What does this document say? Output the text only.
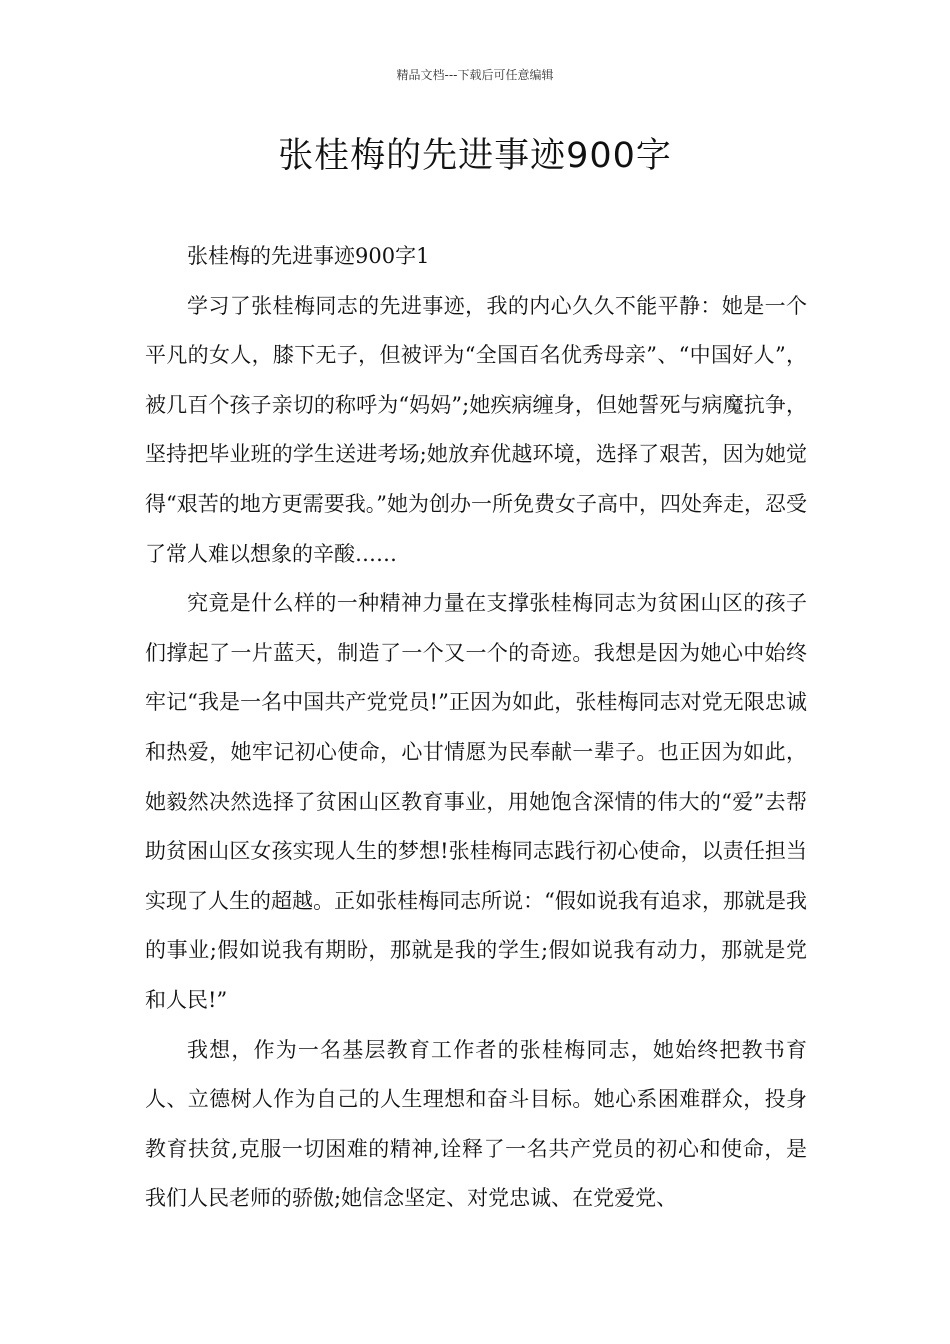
精品文档---下载后可任意编辑
张桂梅的先进事迹900字

张桂梅的先进事迹900字1

学习了张桂梅同志的先进事迹，我的内心久久不能平静：她是一个平凡的女人，膝下无子，但被评为“全国百名优秀母亲”、“中国好人”，被几百个孩子亲切的称呼为“妈妈”;她疾病缠身，但她誓死与病魔抗争，坚持把毕业班的学生送进考场;她放弃优越环境，选择了艰苦，因为她觉得“艰苦的地方更需要我。”她为创办一所免费女子高中，四处奔走，忍受了常人难以想象的辛酸……

究竟是什么样的一种精神力量在支撑张桂梅同志为贫困山区的孩子们撑起了一片蓝天，制造了一个又一个的奇迹。我想是因为她心中始终牢记“我是一名中国共产党党员!”正因为如此，张桂梅同志对党无限忠诚和热爱，她牢记初心使命，心甘情愿为民奉献一辈子。也正因为如此，她毅然决然选择了贫困山区教育事业，用她饱含深情的伟大的“爱”去帮助贫困山区女孩实现人生的梦想!张桂梅同志践行初心使命，以责任担当实现了人生的超越。正如张桂梅同志所说：“假如说我有追求，那就是我的事业;假如说我有期盼，那就是我的学生;假如说我有动力，那就是党和人民!”

我想，作为一名基层教育工作者的张桂梅同志，她始终把教书育人、立德树人作为自己的人生理想和奋斗目标。她心系困难群众，投身教育扶贫,克服一切困难的精神,诠释了一名共产党员的初心和使命，是我们人民老师的骄傲;她信念坚定、对党忠诚、在党爱党、
